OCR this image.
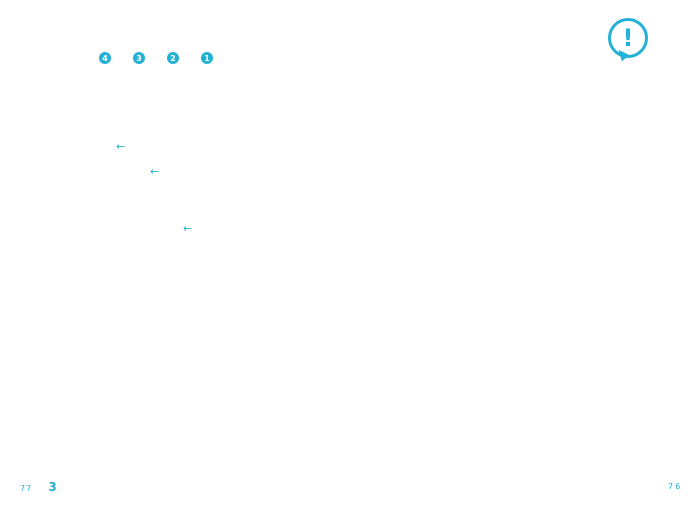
!
76
1
←
2
←
3
←
4
77 3
